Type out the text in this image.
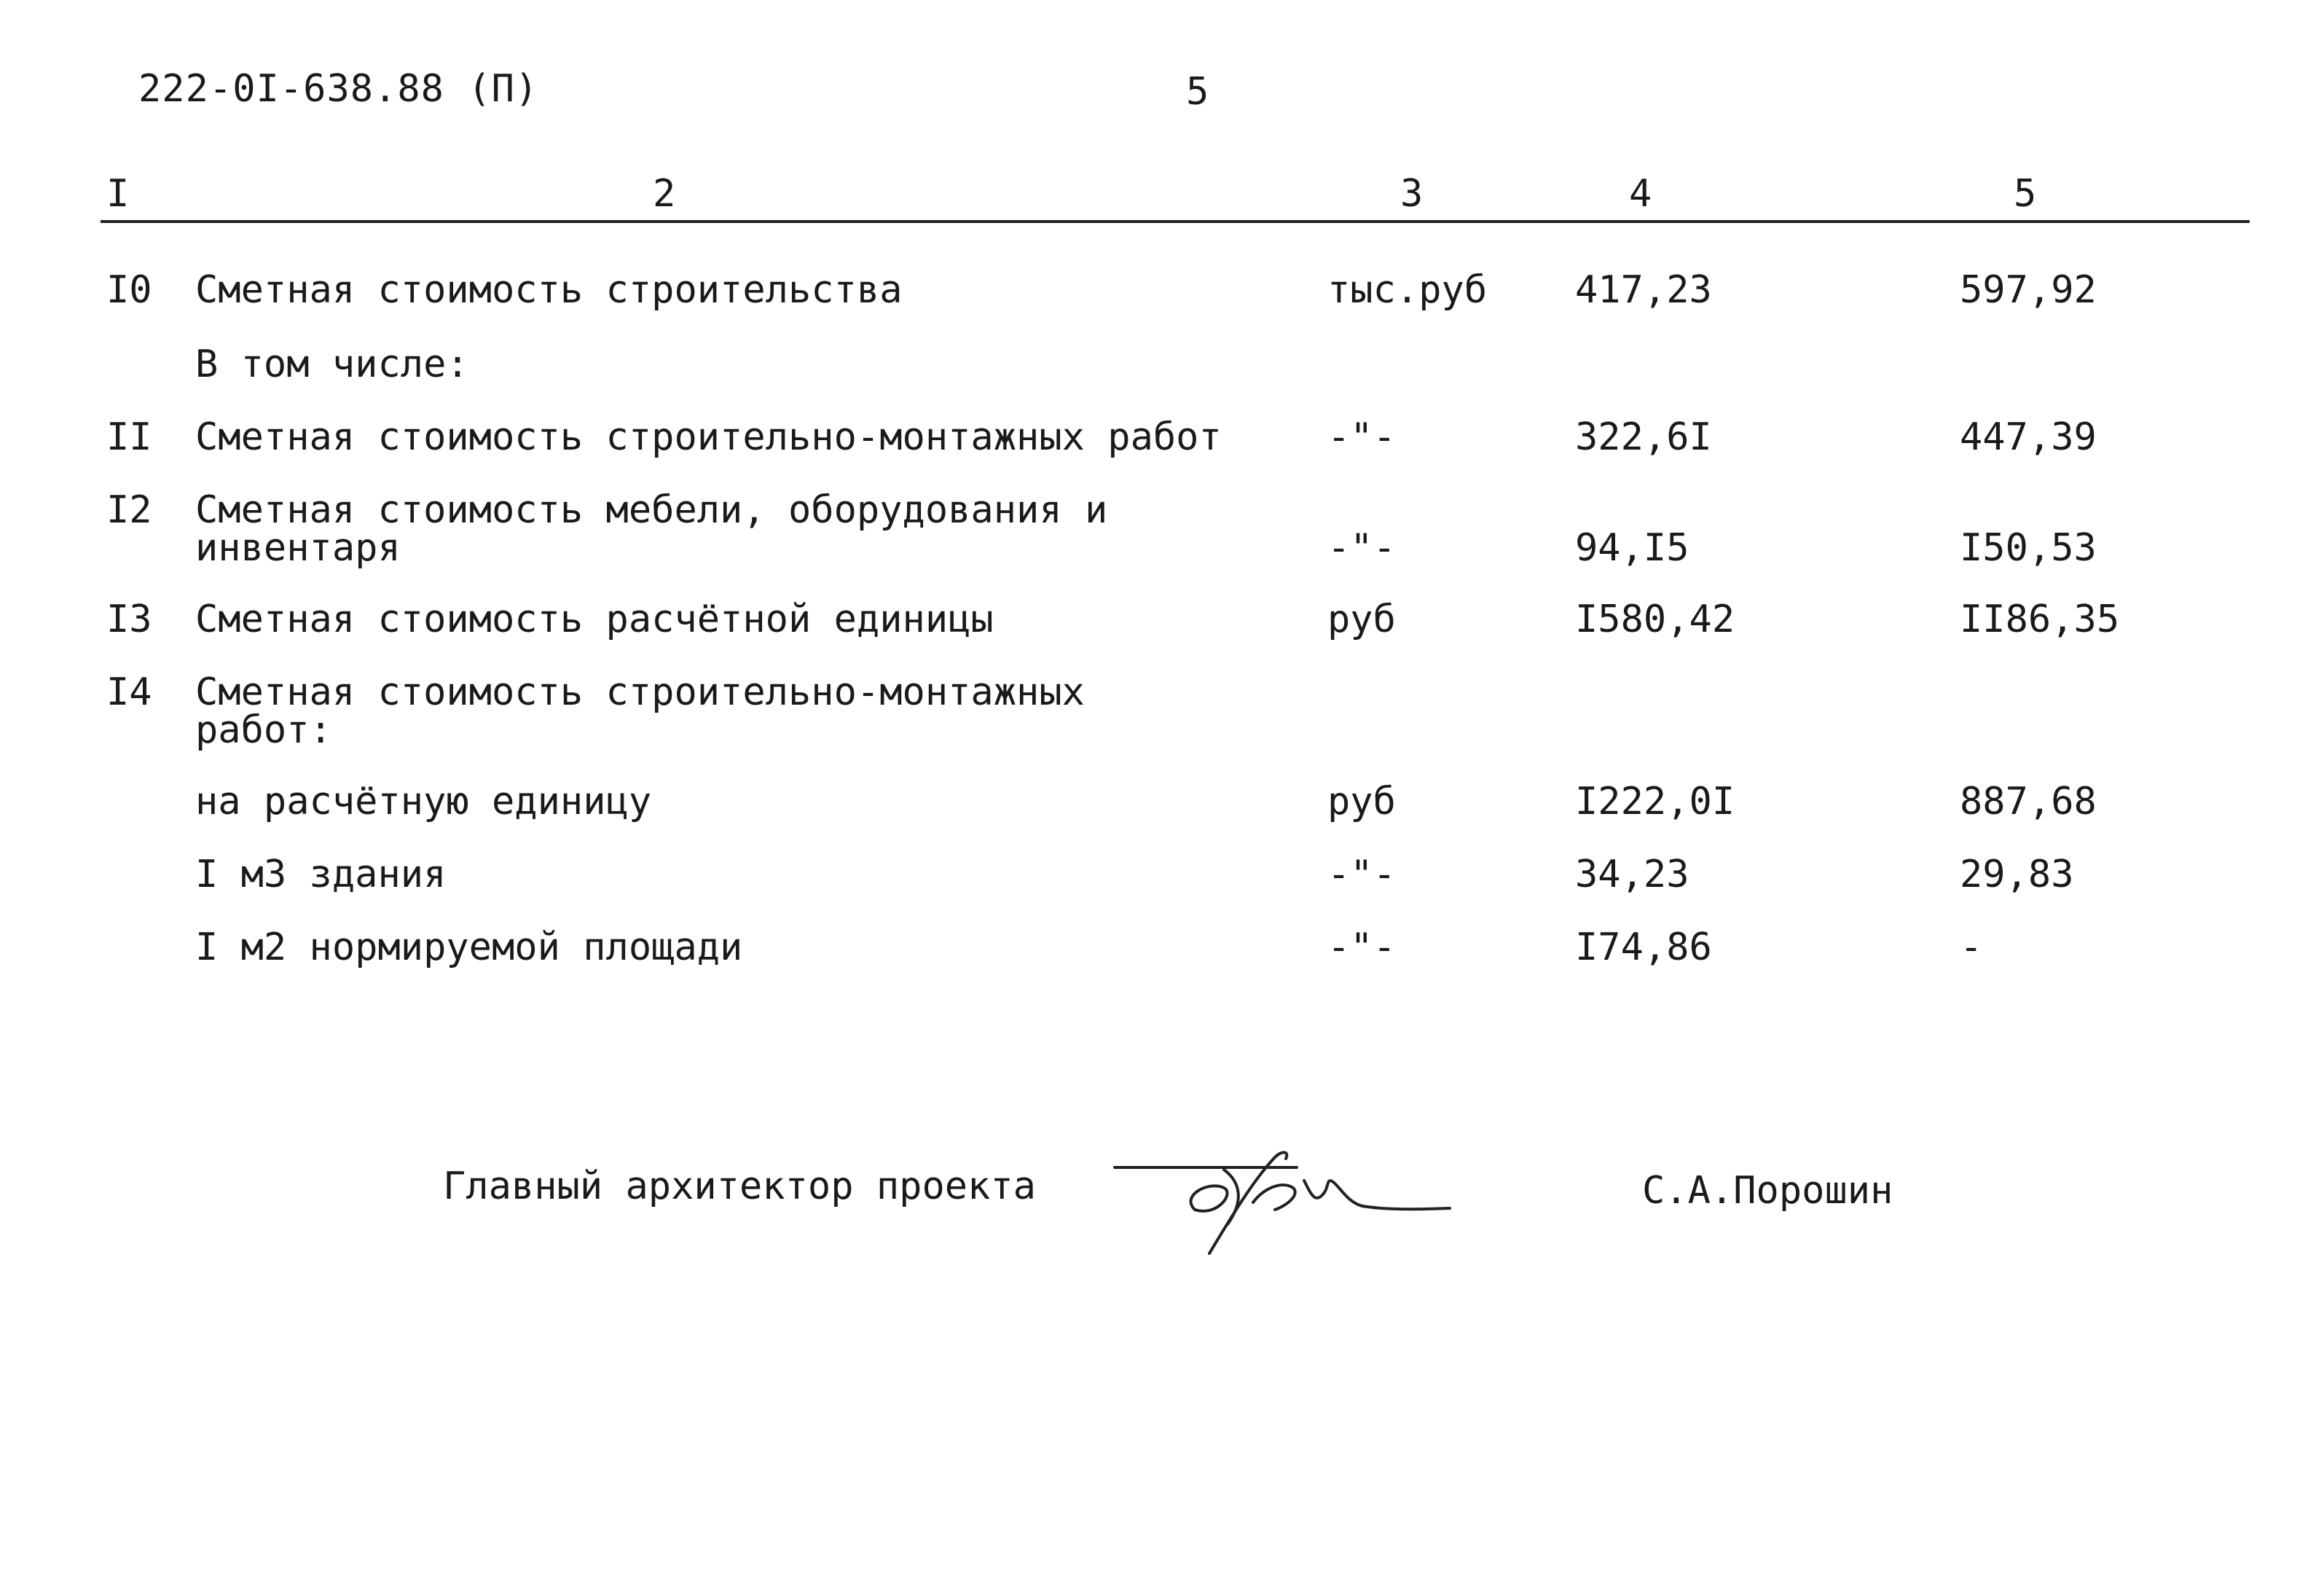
222-0I-638.88 (П)	5
I	2	3	4	5
I0 Сметная стоимость строительства	тыс.руб 417,23	597,92
В том числе:
II Сметная стоимость строительно-монтажных работ	-"-	322,6I	447,39
I2 Сметная стоимость мебели, оборудования и
инвентаря	-"-	94,I5	I50,53
I3 Сметная стоимость расчётной единицы	руб	I580,42	II86,35
I4 Сметная стоимость строительно-монтажных
работ:
на расчётную единицу	руб	I222,0I	887,68
I м3 здания	-"-	34,23	29,83
I м2 нормируемой площади	-"-	I74,86	-
Главный архитектор проекта	С.А.Порошин
